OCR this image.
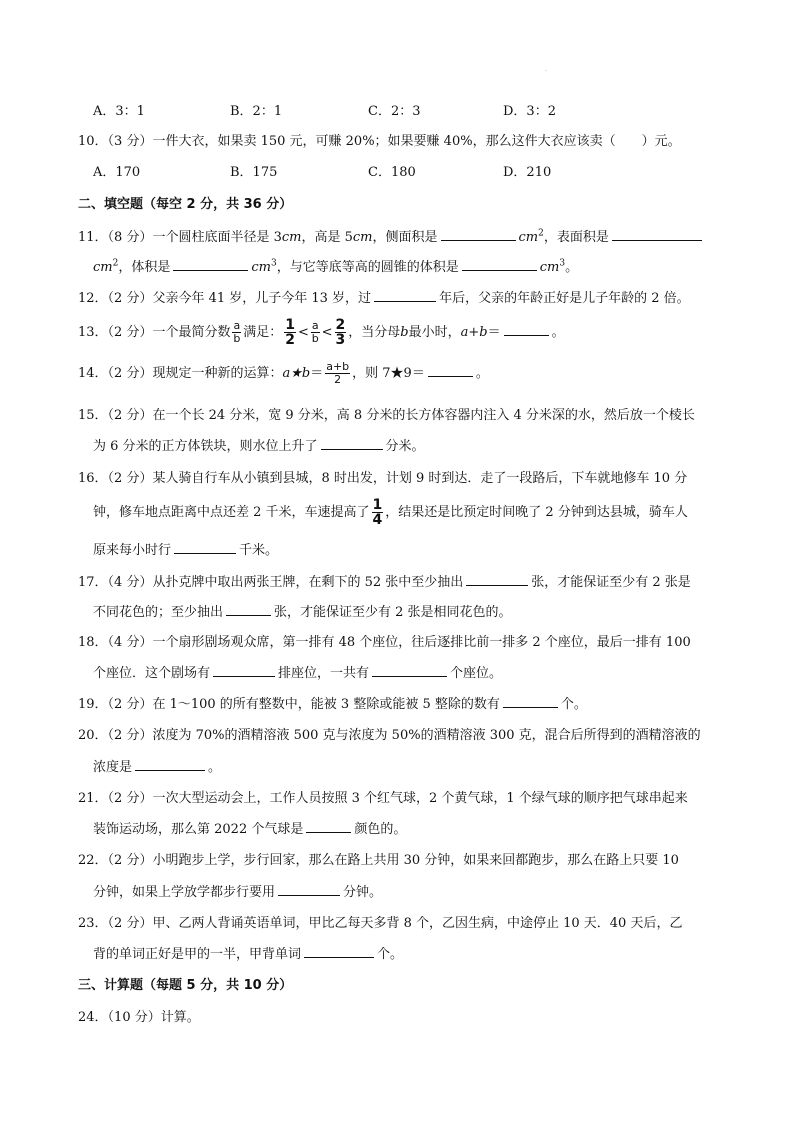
·
A．3：1	B．2：1	C．2：3	D．3：2
10．（3 分）一件大衣，如果卖 150 元，可赚 20%；如果要赚 40%，那么这件大衣应该卖（　　）元。
A．170	B．175	C．180	D．210
二、填空题（每空 2 分，共 36 分）
11．（8 分）一个圆柱底面半径是 3cm，高是 5cm，侧面积是	$cm^2$，表面积是
$cm^2$，体积是	$cm^3$，与它等底等高的圆锥的体积是	$cm^3$。
12．（2 分）父亲今年 41 岁，儿子今年 13 岁，过	年后，父亲的年龄正好是儿子年龄的 2 倍。
13．（2 分）一个最简分数 $\frac{a}{b}$ 满足： $\frac{1}{2} < \frac{a}{b} < \frac{2}{3}$ ，当分母b最小时，a+b＝	。
14．（2 分）现规定一种新的运算：a★b＝ $\frac{a+b}{2}$ ，则 7★9＝	。
15．（2 分）在一个长 24 分米，宽 9 分米，高 8 分米的长方体容器内注入 4 分米深的水，然后放一个棱长
为 6 分米的正方体铁块，则水位上升了	分米。
16．（2 分）某人骑自行车从小镇到县城，8 时出发，计划 9 时到达．走了一段路后，下车就地修车 10 分
钟，修车地点距离中点还差 2 千米，车速提高了 $\frac{1}{4}$ ，结果还是比预定时间晚了 2 分钟到达县城，骑车人
原来每小时行	千米。
17．（4 分）从扑克牌中取出两张王牌，在剩下的 52 张中至少抽出	张，才能保证至少有 2 张是
不同花色的；至少抽出	张，才能保证至少有 2 张是相同花色的。
18．（4 分）一个扇形剧场观众席，第一排有 48 个座位，往后逐排比前一排多 2 个座位，最后一排有 100
个座位．这个剧场有	排座位，一共有	个座位。
19．（2 分）在 1～100 的所有整数中，能被 3 整除或能被 5 整除的数有	个。
20．（2 分）浓度为 70%的酒精溶液 500 克与浓度为 50%的酒精溶液 300 克，混合后所得到的酒精溶液的
浓度是	。
21．（2 分）一次大型运动会上，工作人员按照 3 个红气球，2 个黄气球，1 个绿气球的顺序把气球串起来
装饰运动场，那么第 2022 个气球是	颜色的。
22．（2 分）小明跑步上学，步行回家，那么在路上共用 30 分钟，如果来回都跑步，那么在路上只要 10
分钟，如果上学放学都步行要用	分钟。
23．（2 分）甲、乙两人背诵英语单词，甲比乙每天多背 8 个，乙因生病，中途停止 10 天．40 天后，乙
背的单词正好是甲的一半，甲背单词	个。
三、计算题（每题 5 分，共 10 分）
24．（10 分）计算。
